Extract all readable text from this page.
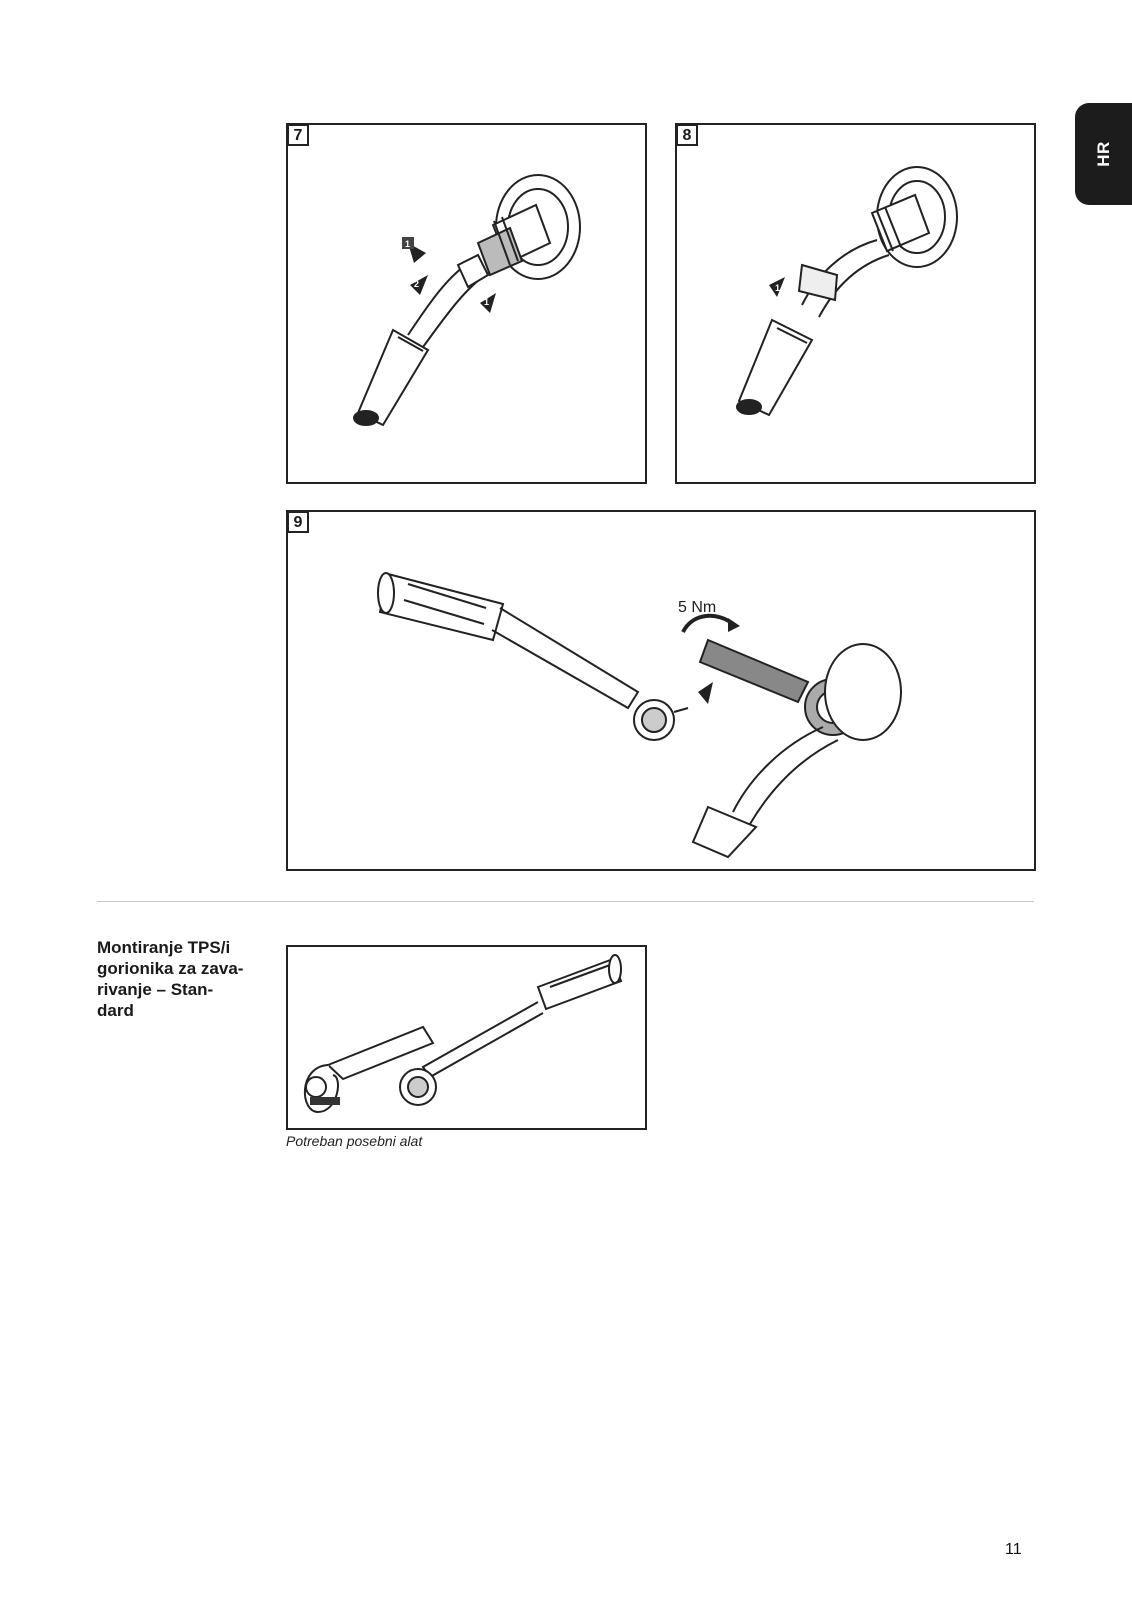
HR
7
1
2
1
8
1
9
5 Nm
Montiranje TPS/i
gorionika za zava-
rivanje – Stan-
dard
Potreban posebni alat
11
